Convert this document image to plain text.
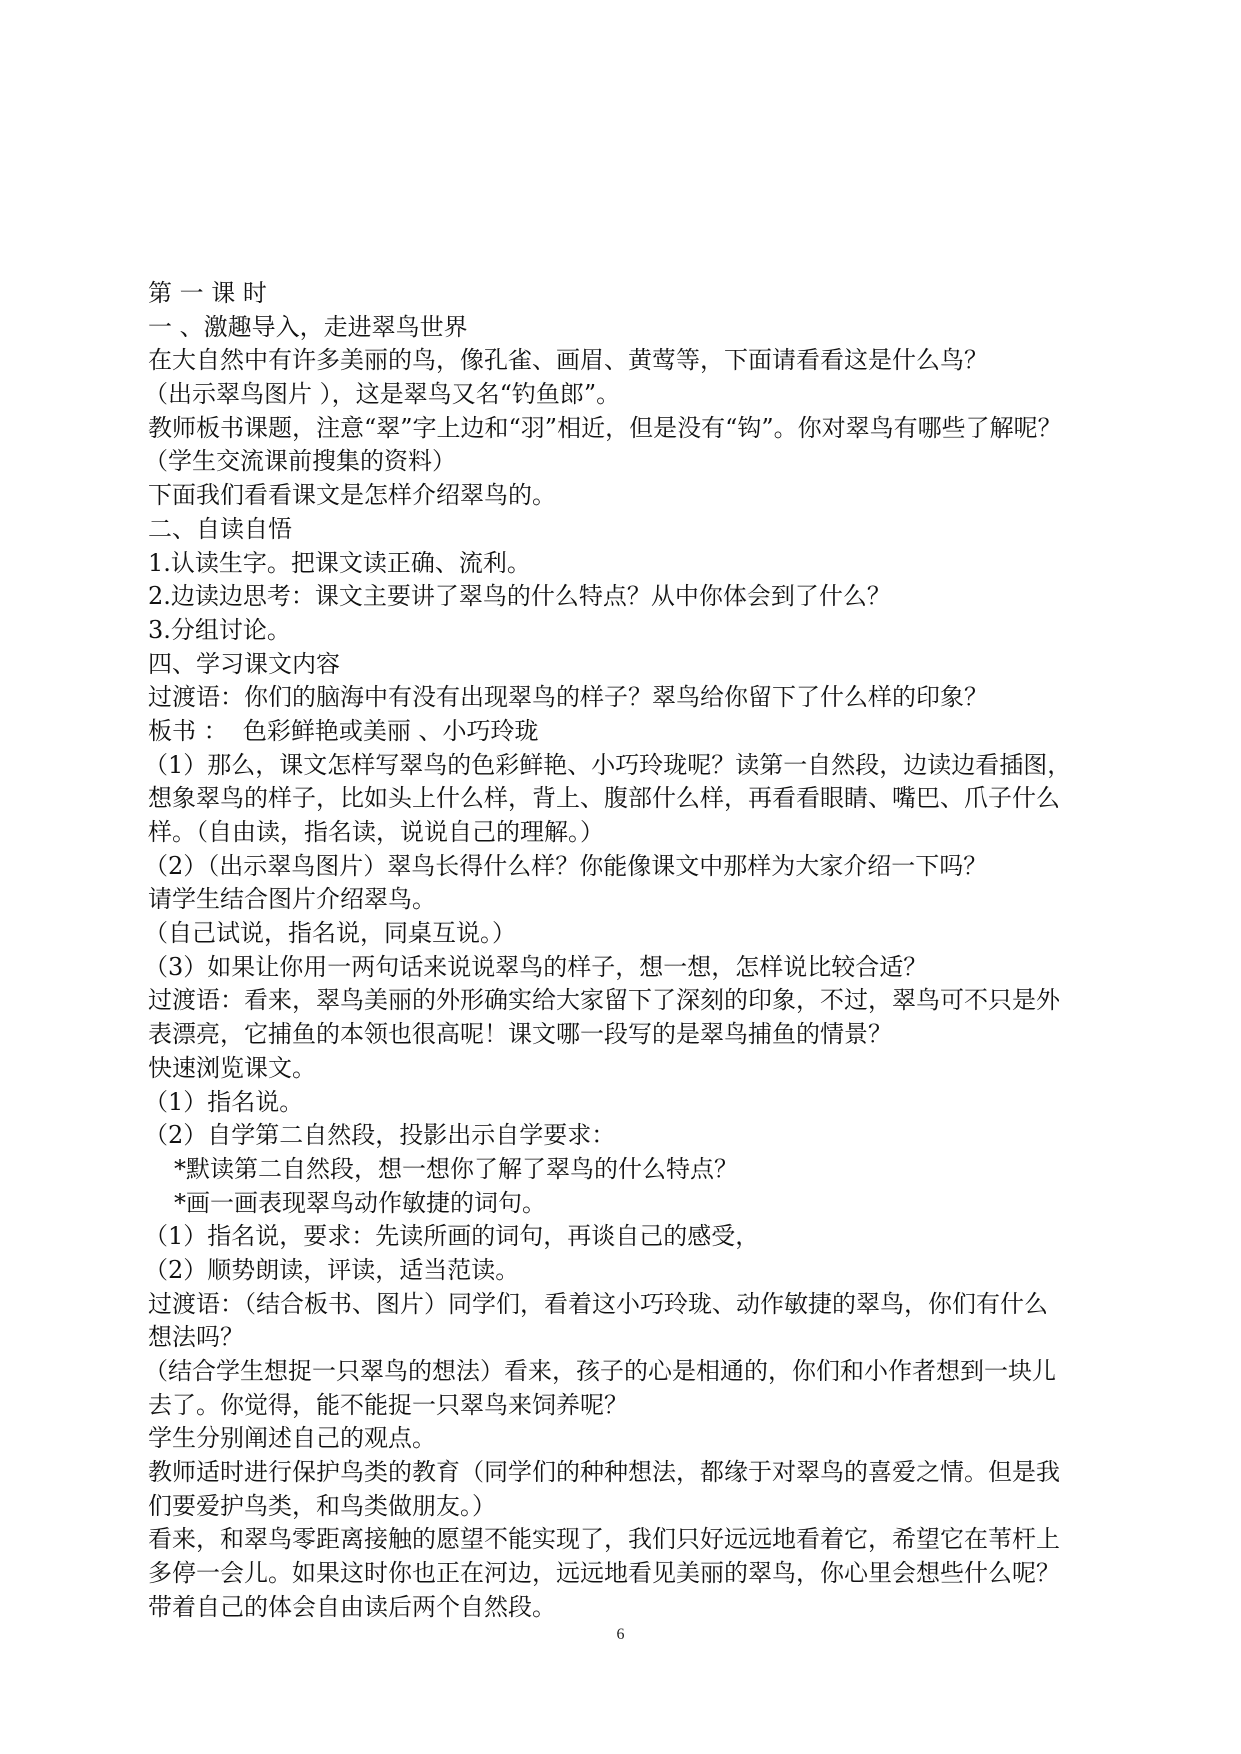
第 一 课 时
一 、激趣导入，走进翠鸟世界
在大自然中有许多美丽的鸟，像孔雀、画眉、黄莺等，下面请看看这是什么鸟？
（出示翠鸟图片 ），这是翠鸟又名“钓鱼郎”。
教师板书课题，注意“翠”字上边和“羽”相近，但是没有“钩”。你对翠鸟有哪些了解呢？
（学生交流课前搜集的资料）
下面我们看看课文是怎样介绍翠鸟的。
二、自读自悟
1.认读生字。把课文读正确、流利。
2.边读边思考：课文主要讲了翠鸟的什么特点？从中你体会到了什么？
3.分组讨论。
四、学习课文内容
过渡语：你们的脑海中有没有出现翠鸟的样子？翠鸟给你留下了什么样的印象？
板书 ：  色彩鲜艳或美丽 、小巧玲珑
（1）那么，课文怎样写翠鸟的色彩鲜艳、小巧玲珑呢？读第一自然段，边读边看插图，
想象翠鸟的样子，比如头上什么样，背上、腹部什么样，再看看眼睛、嘴巴、爪子什么
样。（自由读，指名读，说说自己的理解。）
（2）（出示翠鸟图片）翠鸟长得什么样？你能像课文中那样为大家介绍一下吗？
请学生结合图片介绍翠鸟。
（自己试说，指名说，同桌互说。）
（3）如果让你用一两句话来说说翠鸟的样子，想一想，怎样说比较合适？
过渡语：看来，翠鸟美丽的外形确实给大家留下了深刻的印象，不过，翠鸟可不只是外
表漂亮，它捕鱼的本领也很高呢！课文哪一段写的是翠鸟捕鱼的情景？
快速浏览课文。
（1）指名说。
（2）自学第二自然段，投影出示自学要求：
*默读第二自然段，想一想你了解了翠鸟的什么特点？
*画一画表现翠鸟动作敏捷的词句。
（1）指名说，要求：先读所画的词句，再谈自己的感受，
（2）顺势朗读，评读，适当范读。
过渡语：（结合板书、图片）同学们，看着这小巧玲珑、动作敏捷的翠鸟，你们有什么
想法吗？
（结合学生想捉一只翠鸟的想法）看来，孩子的心是相通的，你们和小作者想到一块儿
去了。你觉得，能不能捉一只翠鸟来饲养呢？
学生分别阐述自己的观点。
教师适时进行保护鸟类的教育（同学们的种种想法，都缘于对翠鸟的喜爱之情。但是我
们要爱护鸟类，和鸟类做朋友。）
看来，和翠鸟零距离接触的愿望不能实现了，我们只好远远地看着它，希望它在苇杆上
多停一会儿。如果这时你也正在河边，远远地看见美丽的翠鸟，你心里会想些什么呢？
带着自己的体会自由读后两个自然段。
6
